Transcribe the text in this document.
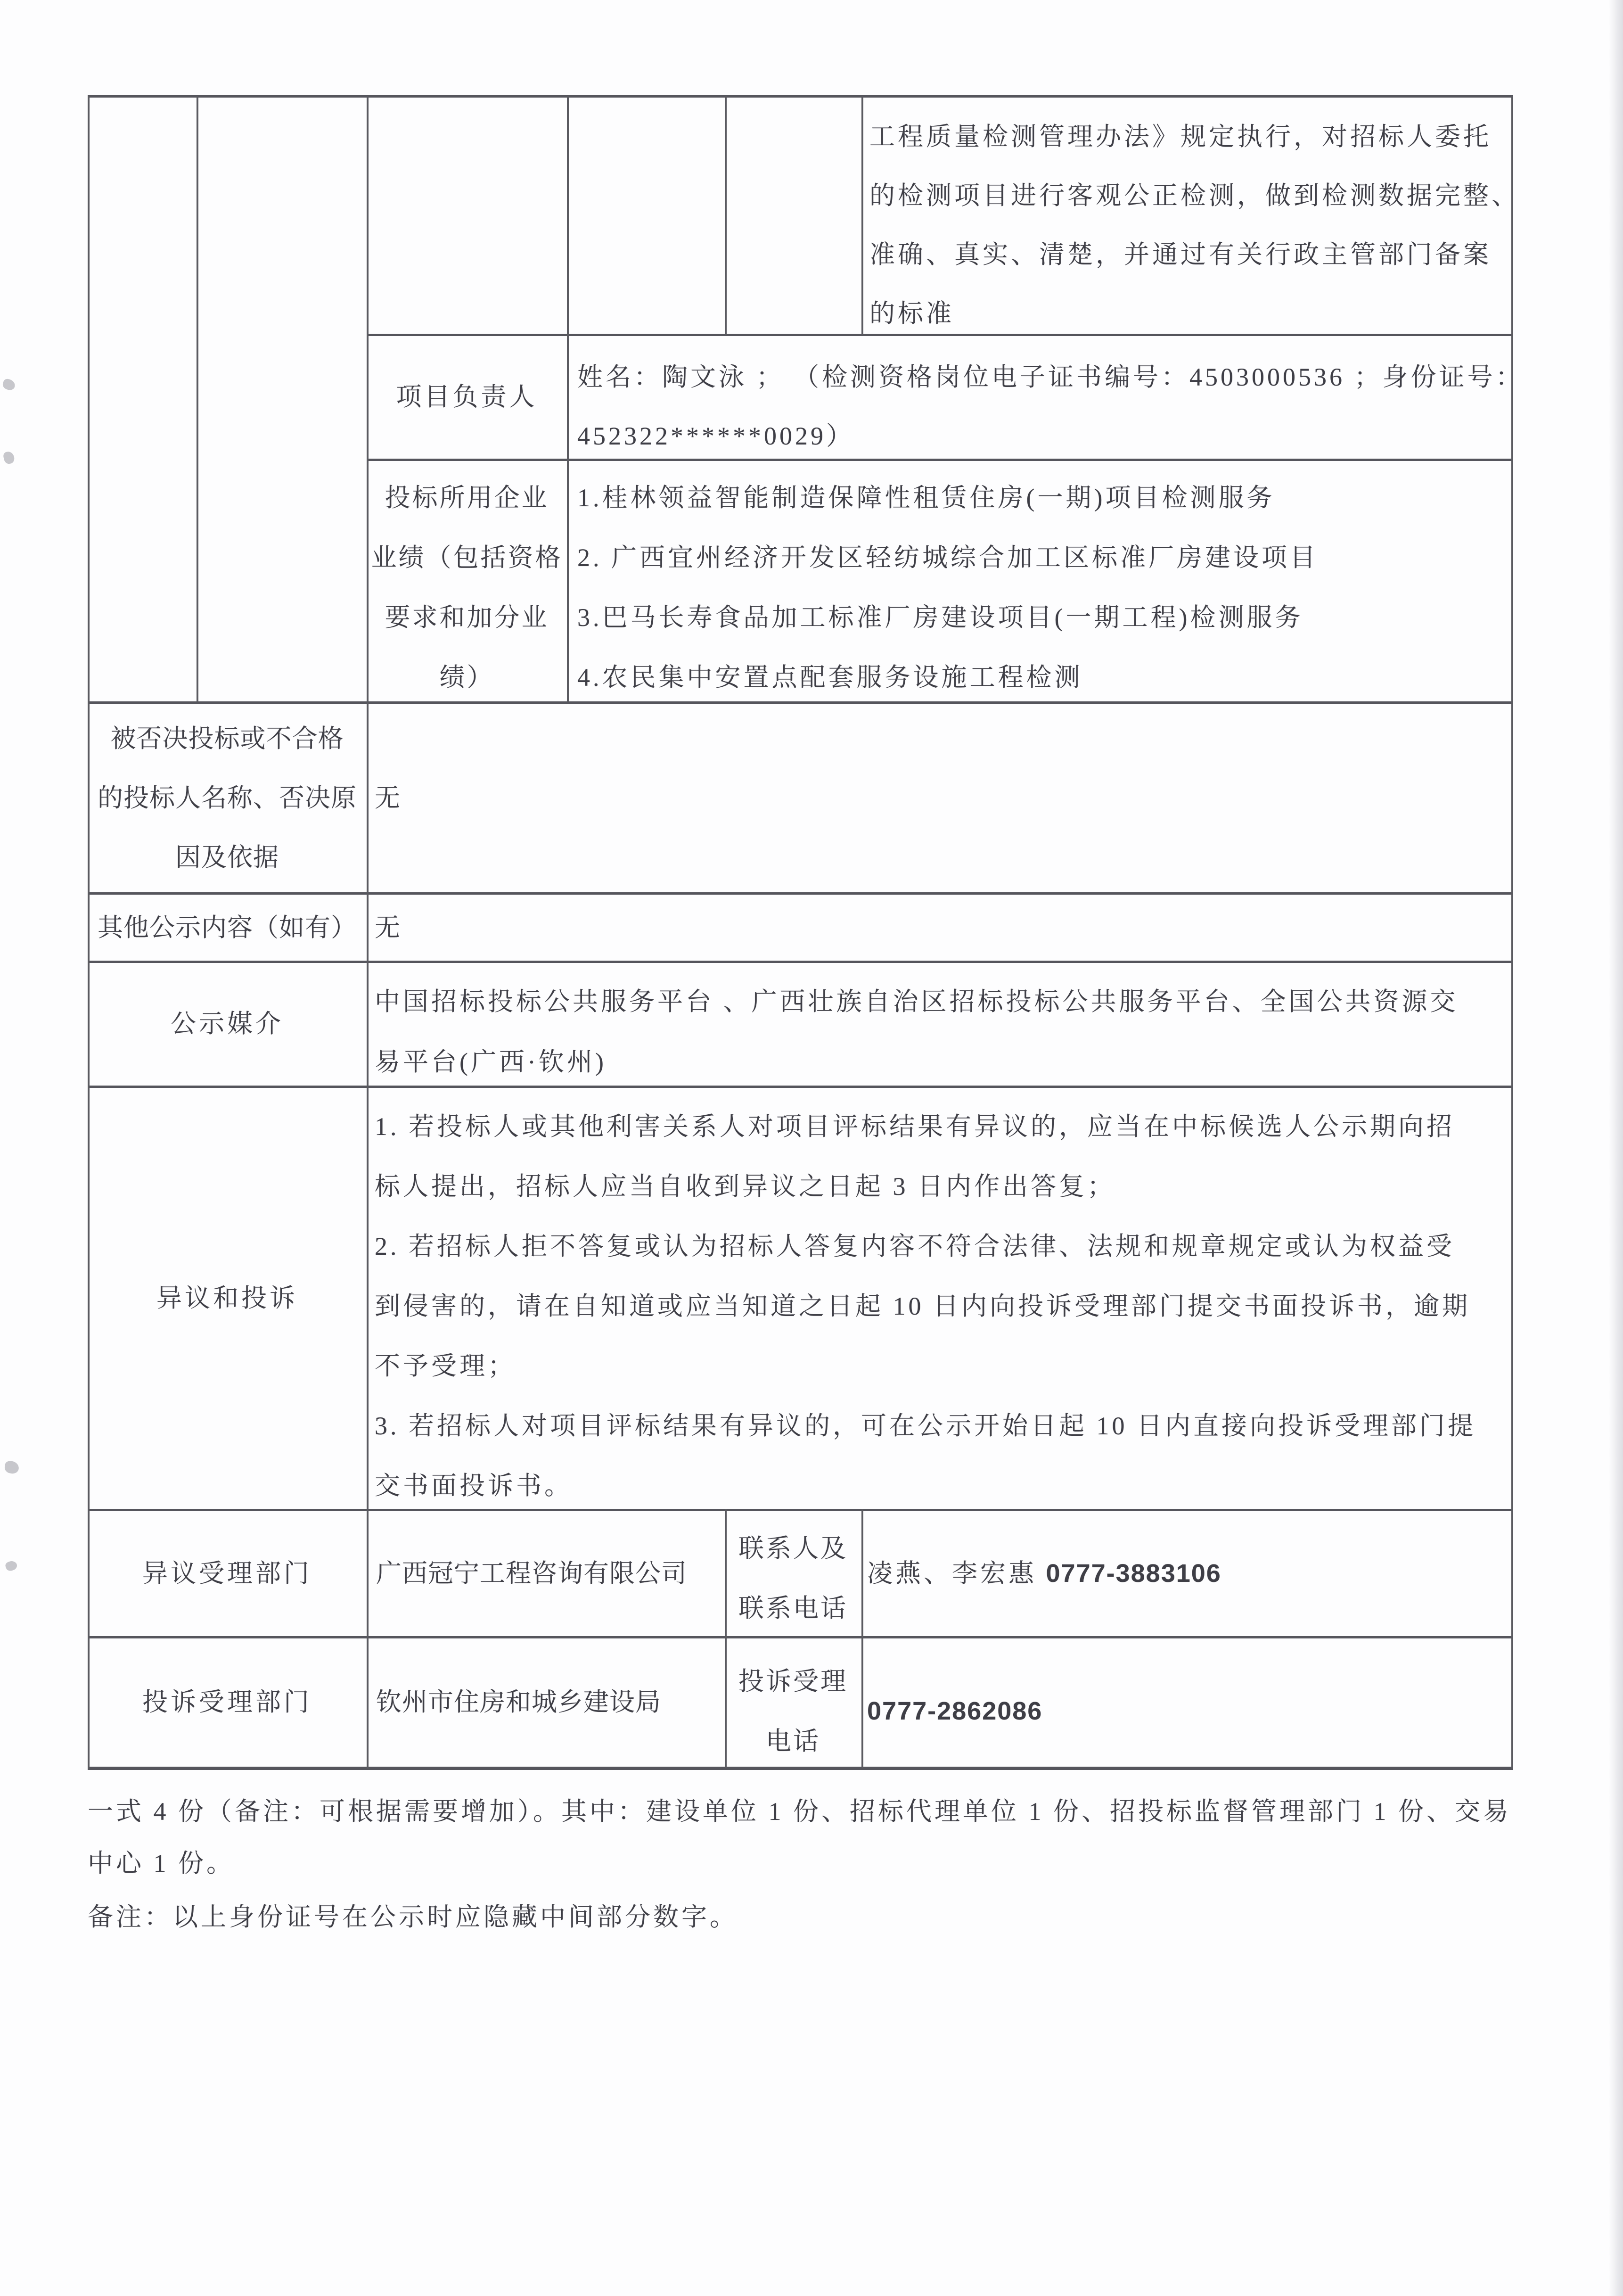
工程质量检测管理办法》规定执行，对招标人委托
的检测项目进行客观公正检测，做到检测数据完整、
准确、真实、清楚，并通过有关行政主管部门备案
的标准
项目负责人
姓名：陶文泳 ； （检测资格岗位电子证书编号：4503000536 ；身份证号：
452322******0029）
投标所用企业
业绩（包括资格
要求和加分业
绩）
1.桂林领益智能制造保障性租赁住房(一期)项目检测服务
2. 广西宜州经济开发区轻纺城综合加工区标准厂房建设项目
3.巴马长寿食品加工标准厂房建设项目(一期工程)检测服务
4.农民集中安置点配套服务设施工程检测
被否决投标或不合格
的投标人名称、否决原
因及依据
无
其他公示内容（如有） 无
公示媒介
中国招标投标公共服务平台 、广西壮族自治区招标投标公共服务平台、全国公共资源交
易平台(广西·钦州)
异议和投诉
1. 若投标人或其他利害关系人对项目评标结果有异议的，应当在中标候选人公示期向招
标人提出，招标人应当自收到异议之日起 3 日内作出答复；
2. 若招标人拒不答复或认为招标人答复内容不符合法律、法规和规章规定或认为权益受
到侵害的，请在自知道或应当知道之日起 10 日内向投诉受理部门提交书面投诉书，逾期
不予受理；
3. 若招标人对项目评标结果有异议的，可在公示开始日起 10 日内直接向投诉受理部门提
交书面投诉书。
异议受理部门	广西冠宁工程咨询有限公司
联系人及
联系电话
凌燕、李宏惠 0777-3883106
投诉受理部门	钦州市住房和城乡建设局
投诉受理
电话
0777-2862086
一式 4 份（备注：可根据需要增加）。其中：建设单位 1 份、招标代理单位 1 份、招投标监督管理部门 1 份、交易
中心 1 份。
备注：以上身份证号在公示时应隐藏中间部分数字。
